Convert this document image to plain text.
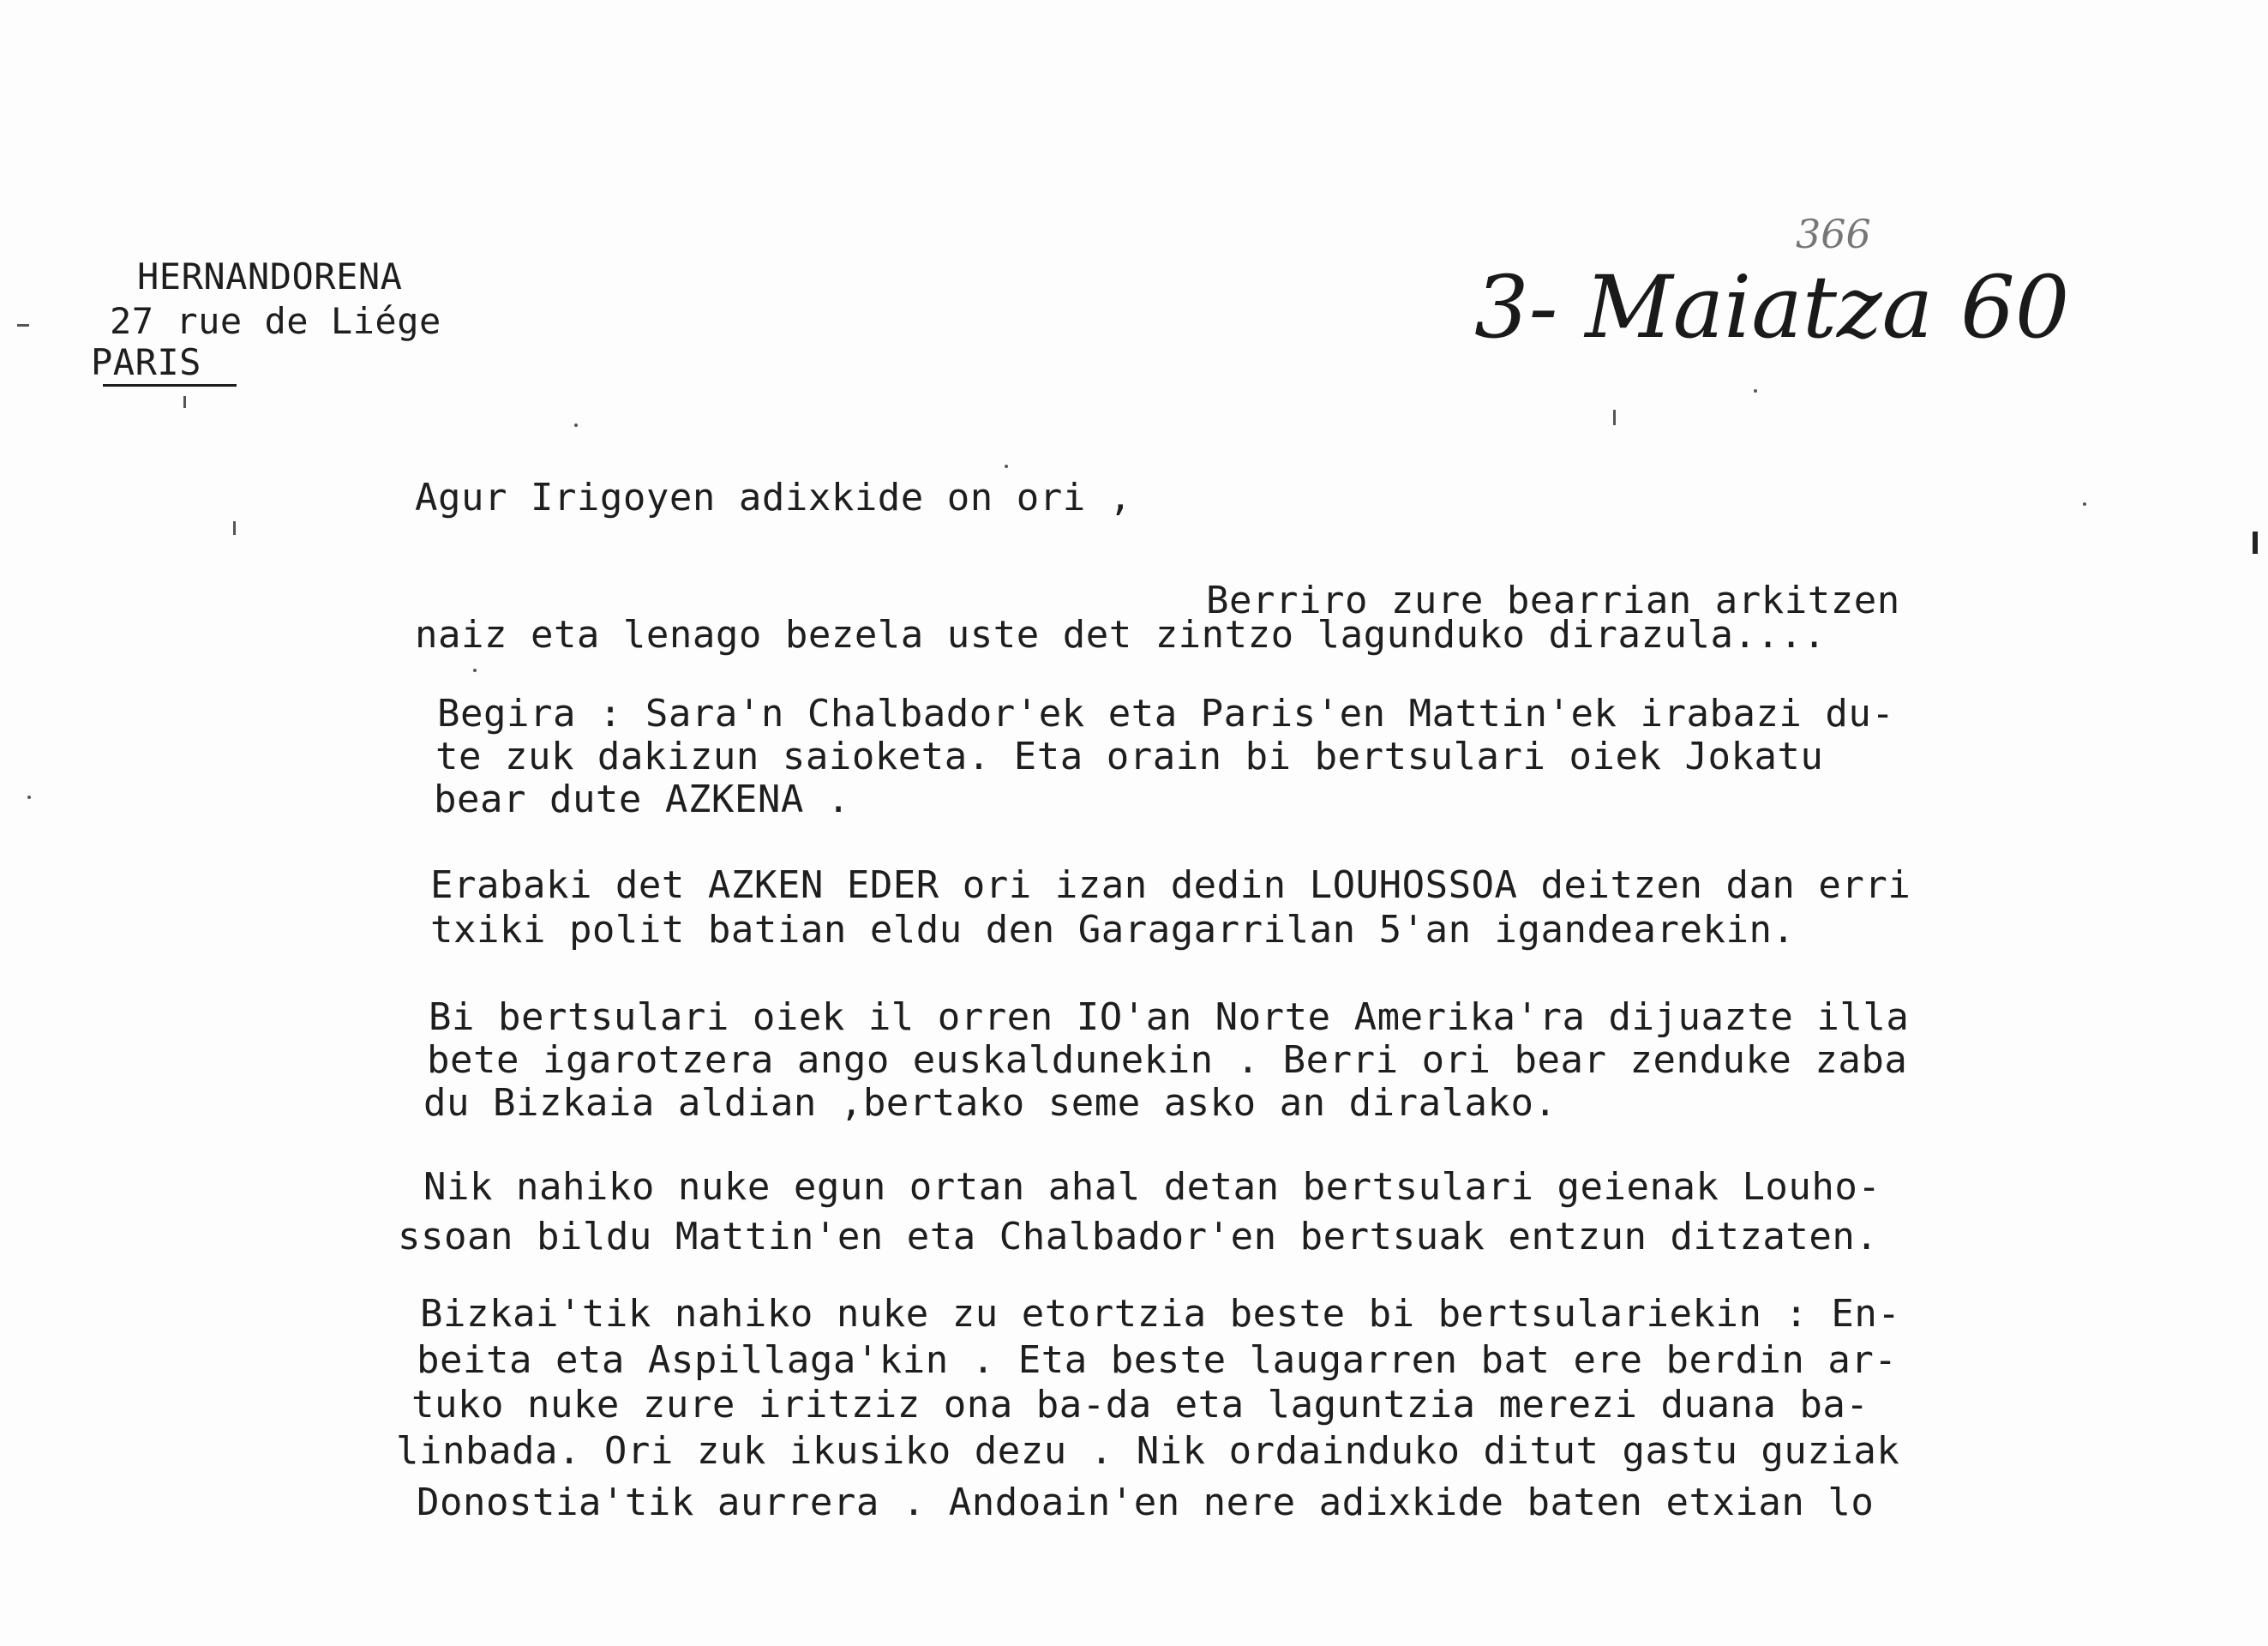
HERNANDORENA
27 rue de Liége
PARIS
3- Maiatza 60
366
Agur Irigoyen adixkide on ori ,
Berriro zure bearrian arkitzen
naiz eta lenago bezela uste det zintzo lagunduko dirazula....
Begira : Sara'n Chalbador'ek eta Paris'en Mattin'ek irabazi du-
te zuk dakizun saioketa. Eta orain bi bertsulari oiek Jokatu
bear dute AZKENA .
Erabaki det AZKEN EDER ori izan dedin LOUHOSSOA deitzen dan erri
txiki polit batian eldu den Garagarrilan 5'an igandearekin.
Bi bertsulari oiek il orren IO'an Norte Amerika'ra dijuazte illa
bete igarotzera ango euskaldunekin . Berri ori bear zenduke zaba
du Bizkaia aldian ,bertako seme asko an diralako.
Nik nahiko nuke egun ortan ahal detan bertsulari geienak Louho-
ssoan bildu Mattin'en eta Chalbador'en bertsuak entzun ditzaten.
Bizkai'tik nahiko nuke zu etortzia beste bi bertsulariekin : En-
beita eta Aspillaga'kin . Eta beste laugarren bat ere berdin ar-
tuko nuke zure iritziz ona ba-da eta laguntzia merezi duana ba-
linbada. Ori zuk ikusiko dezu . Nik ordainduko ditut gastu guziak
Donostia'tik aurrera . Andoain'en nere adixkide baten etxian lo
